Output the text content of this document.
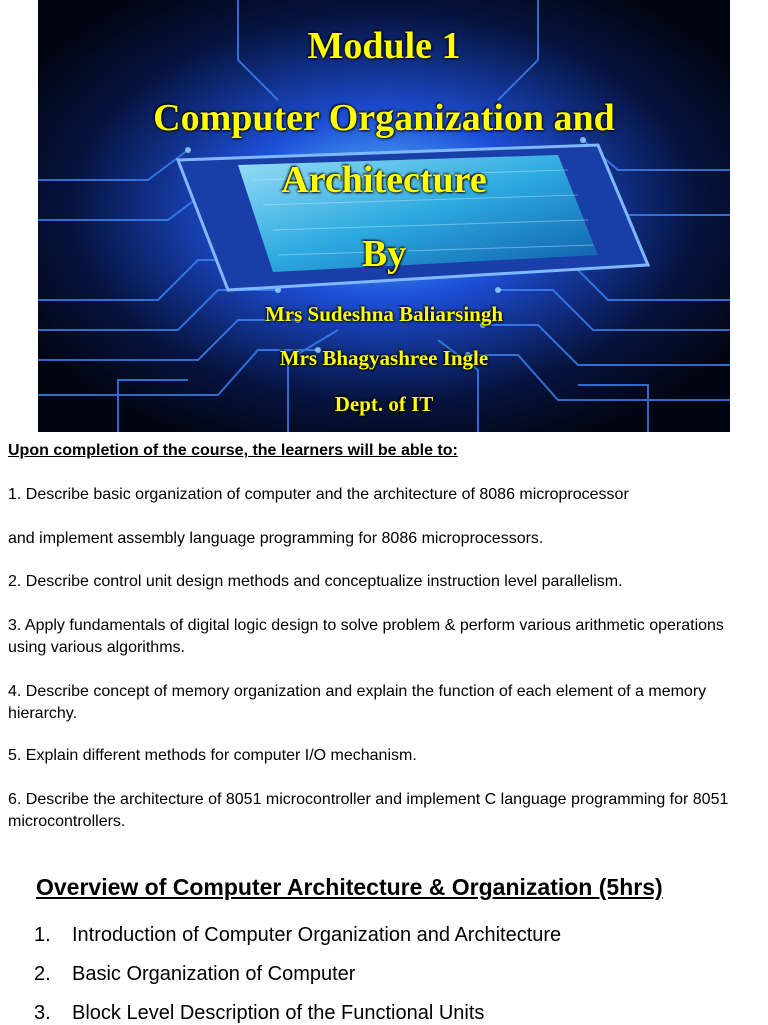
Module 1
Computer Organization and
Architecture
By
Mrs Sudeshna Baliarsingh
Mrs Bhagyashree Ingle
Dept. of IT
Upon completion of the course, the learners will be able to:
1. Describe basic organization of computer and the architecture of 8086 microprocessor
and implement assembly language programming for 8086 microprocessors.
2. Describe control unit design methods and conceptualize instruction level parallelism.
3. Apply fundamentals of digital logic design to solve problem & perform various arithmetic operations using various algorithms.
4. Describe concept of memory organization and explain the function of each element of a memory hierarchy.
5. Explain different methods for computer I/O mechanism.
6. Describe the architecture of 8051 microcontroller and implement C language programming for 8051 microcontrollers.
Overview of Computer Architecture & Organization (5hrs)
1. Introduction of Computer Organization and Architecture
2. Basic Organization of Computer
3. Block Level Description of the Functional Units
